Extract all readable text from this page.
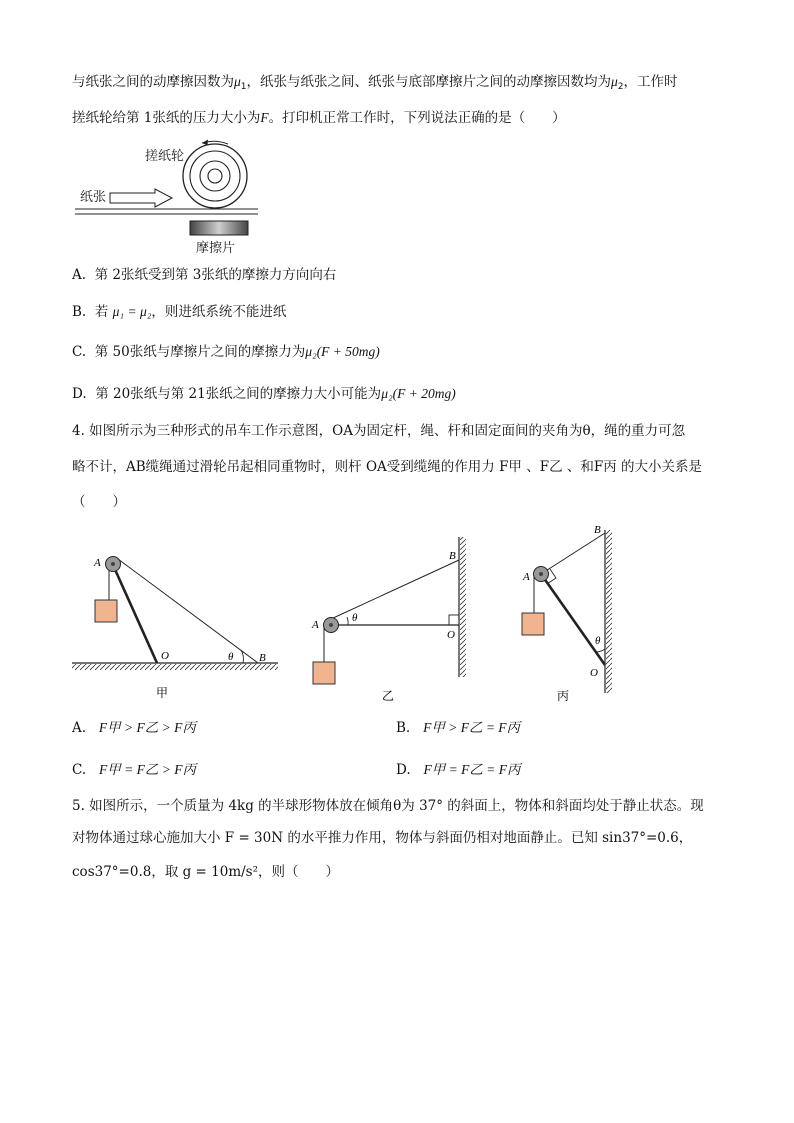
与纸张之间的动摩擦因数为$\mu_1$，纸张与纸张之间、纸张与底部摩擦片之间的动摩擦因数均为$\mu_2$，工作时
搓纸轮给第 1张纸的压力大小为F。打印机正常工作时，下列说法正确的是（　　）
搓纸轮
纸张
摩擦片
A. 第 2张纸受到第 3张纸的摩擦力方向向右
B. 若 μ₁ = μ₂，则进纸系统不能进纸
C. 第 50张纸与摩擦片之间的摩擦力为μ₂(F + 50mg)
D. 第 20张纸与第 21张纸之间的摩擦力大小可能为μ₂(F + 20mg)
4. 如图所示为三种形式的吊车工作示意图，OA为固定杆，绳、杆和固定面间的夹角为θ，绳的重力可忽
略不计，AB缆绳通过滑轮吊起相同重物时，则杆 OA受到缆绳的作用力 F甲 、F乙 、和F丙 的大小关系是
（　　）
A
O	θ B
甲
A
θ
O
B
乙
A
B
θ
O
丙
A. F甲 > F乙 > F丙	B. F甲 > F乙 = F丙
C. F甲 = F乙 > F丙	D. F甲 = F乙 = F丙
5. 如图所示，一个质量为 4kg 的半球形物体放在倾角θ为 37° 的斜面上，物体和斜面均处于静止状态。现
对物体通过球心施加大小 F = 30N 的水平推力作用，物体与斜面仍相对地面静止。已知 sin37°=0.6，
cos37°=0.8，取 g = 10m/s²，则（　　）
